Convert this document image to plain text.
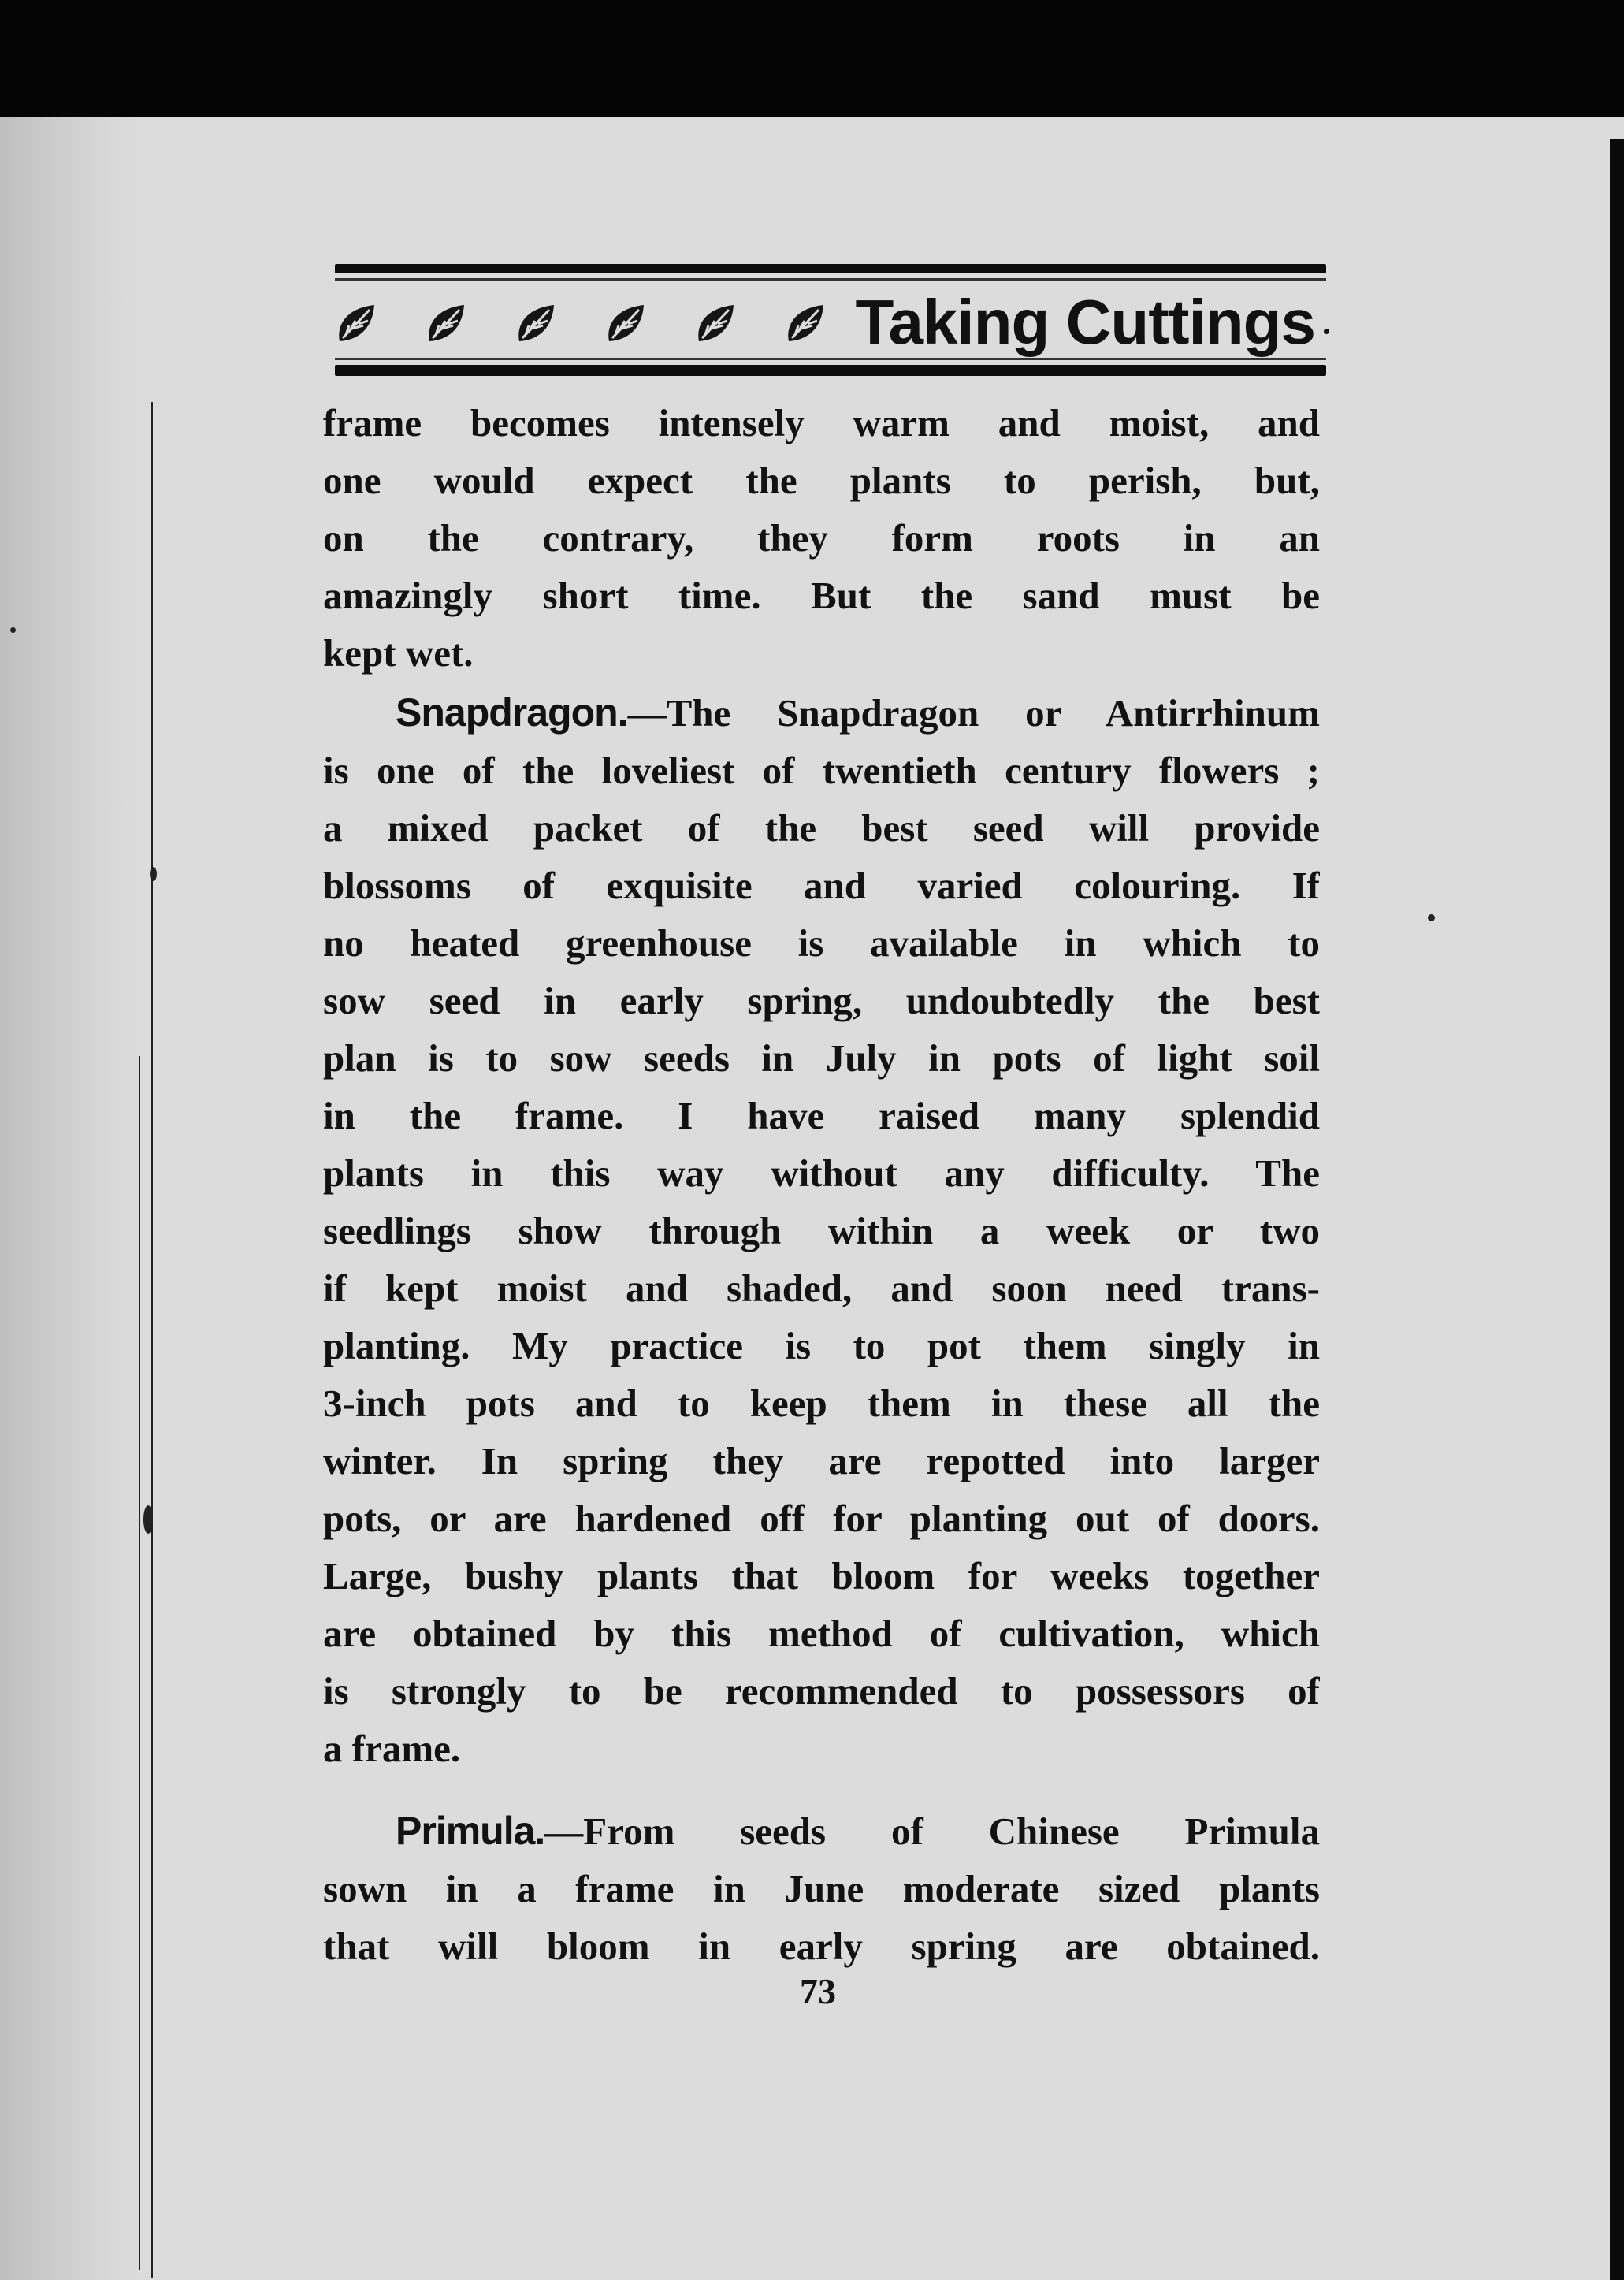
Taking Cuttings
frame becomes intensely warm and moist, and
one would expect the plants to perish, but,
on the contrary, they form roots in an
amazingly short time. But the sand must be
kept wet.
Snapdragon.—The Snapdragon or Antirrhinum
is one of the loveliest of twentieth century flowers ;
a mixed packet of the best seed will provide
blossoms of exquisite and varied colouring. If
no heated greenhouse is available in which to
sow seed in early spring, undoubtedly the best
plan is to sow seeds in July in pots of light soil
in the frame. I have raised many splendid
plants in this way without any difficulty. The
seedlings show through within a week or two
if kept moist and shaded, and soon need trans-
planting. My practice is to pot them singly in
3-inch pots and to keep them in these all the
winter. In spring they are repotted into larger
pots, or are hardened off for planting out of doors.
Large, bushy plants that bloom for weeks together
are obtained by this method of cultivation, which
is strongly to be recommended to possessors of
a frame.
Primula.—From seeds of Chinese Primula
sown in a frame in June moderate sized plants
that will bloom in early spring are obtained.
73
